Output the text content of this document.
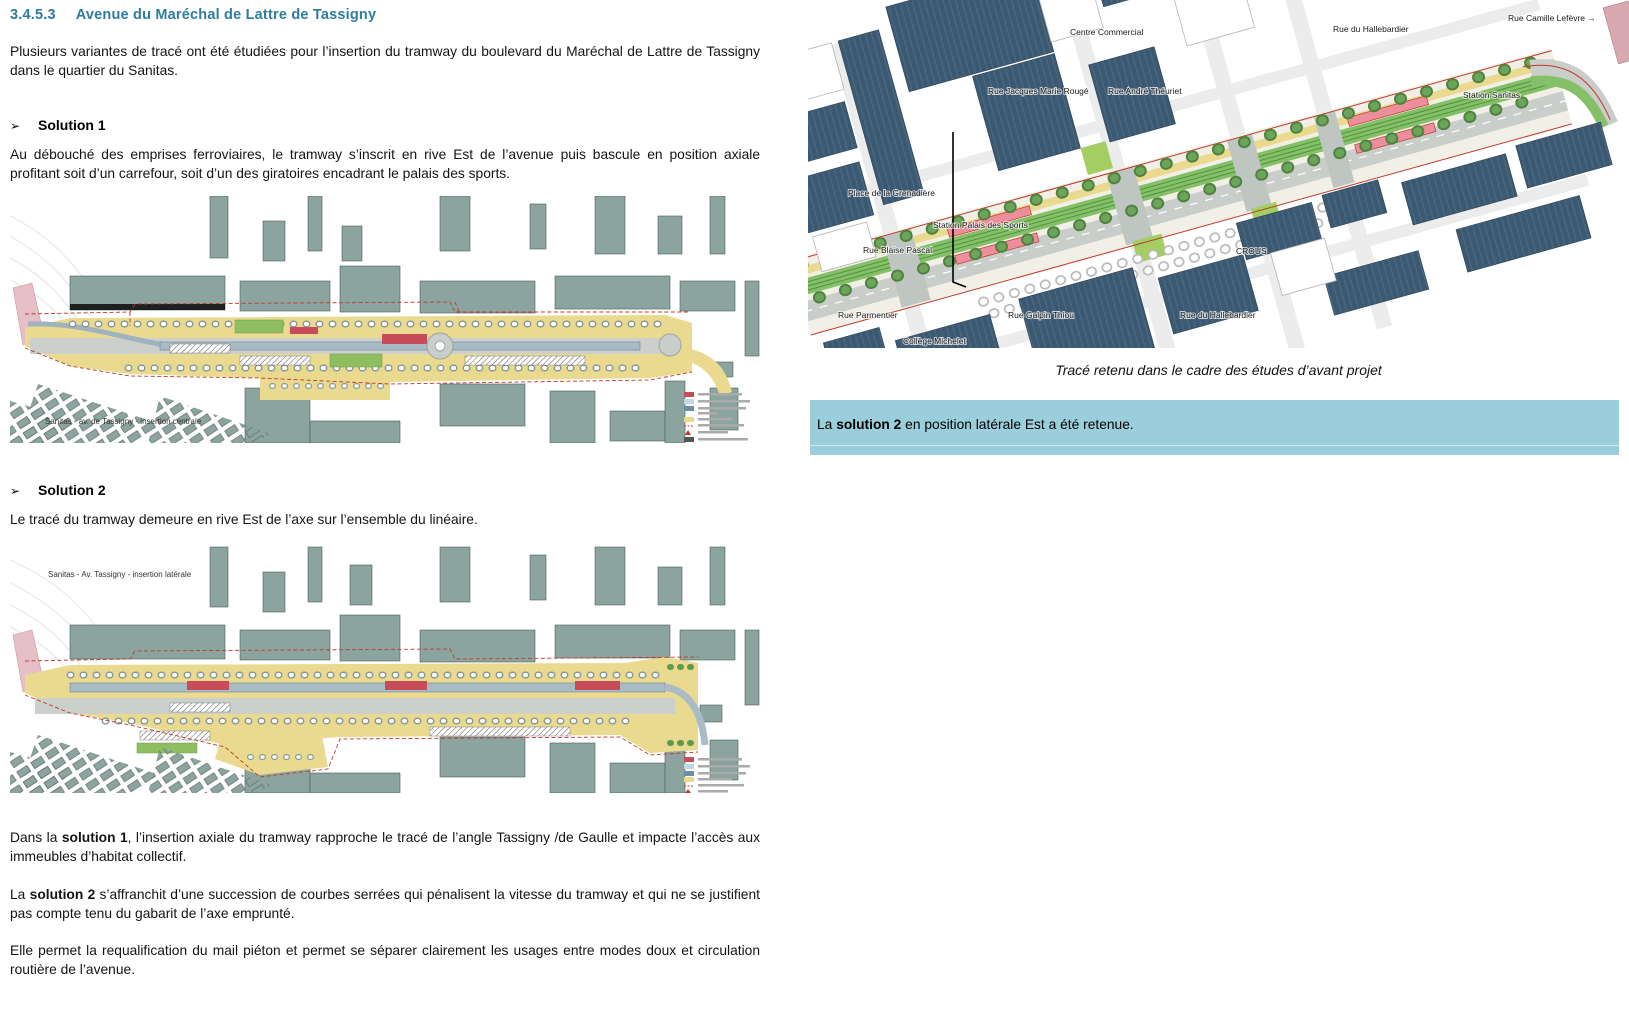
3.4.5.3 Avenue du Maréchal de Lattre de Tassigny
Plusieurs variantes de tracé ont été étudiées pour l’insertion du tramway du boulevard du Maréchal de Lattre de Tassigny dans le quartier du Sanitas.
➢ Solution 1
Au débouché des emprises ferroviaires, le tramway s’inscrit en rive Est de l’avenue puis bascule en position axiale profitant soit d’un carrefour, soit d’un des giratoires encadrant le palais des sports.
Sanitas - av. de Tassigny - insertion centrale
➢ Solution 2
Le tracé du tramway demeure en rive Est de l’axe sur l’ensemble du linéaire.
Sanitas - Av. Tassigny - insertion latérale
Dans la solution 1, l’insertion axiale du tramway rapproche le tracé de l’angle Tassigny /de Gaulle et impacte l’accès aux immeubles d’habitat collectif.
La solution 2 s’affranchit d’une succession de courbes serrées qui pénalisent la vitesse du tramway et qui ne se justifient pas compte tenu du gabarit de l’axe emprunté.
Elle permet la requalification du mail piéton et permet se séparer clairement les usages entre modes doux et circulation routière de l’avenue.
Centre Commercial
Rue Jacques Marie Rougé Rue André Théuriet
Rue du Hallebardier
Rue Camille Lefèvre →
Station Sanitas
Place de la Grenadière
Station Palais des Sports
Rue Blaise Pascal
Rue Parmentier
Collège Michelet
Rue Galpin Thiou	Rue du Hallebardier
CROUS
Tracé retenu dans le cadre des études d’avant projet
La solution 2 en position latérale Est a été retenue.
